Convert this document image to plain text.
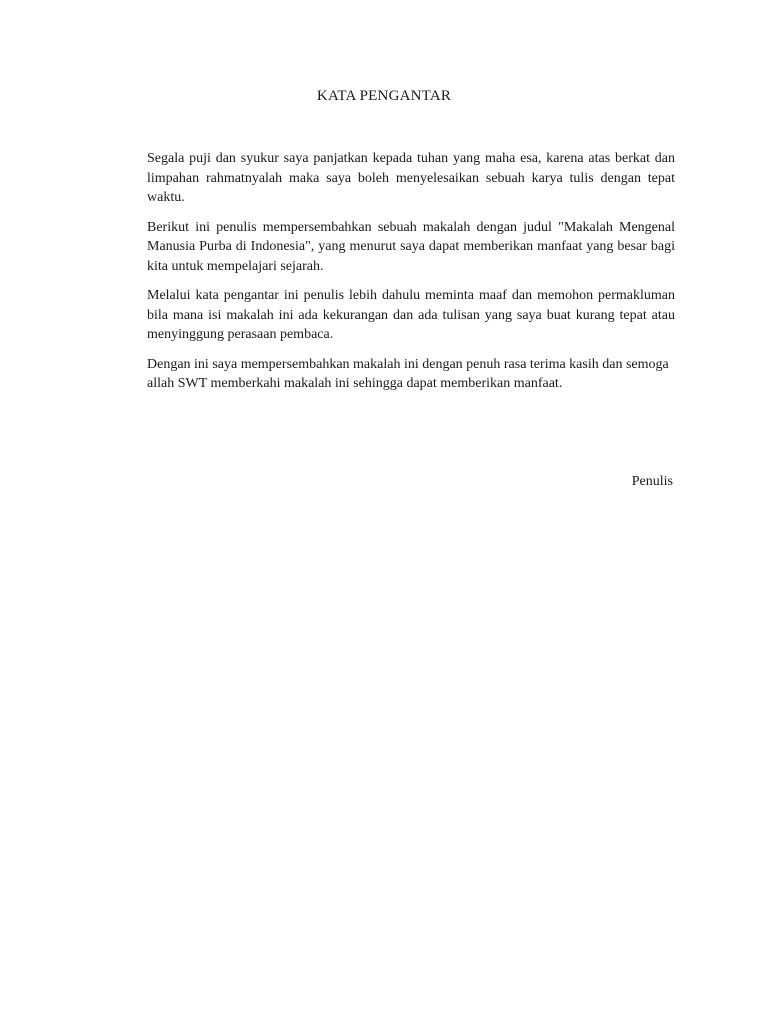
KATA PENGANTAR

Segala puji dan syukur saya panjatkan kepada tuhan yang maha esa, karena atas berkat dan limpahan rahmatnyalah maka saya boleh menyelesaikan sebuah karya tulis dengan tepat waktu.

Berikut ini penulis mempersembahkan sebuah makalah dengan judul "Makalah Mengenal Manusia Purba di Indonesia", yang menurut saya dapat memberikan manfaat yang besar bagi kita untuk mempelajari sejarah.

Melalui kata pengantar ini penulis lebih dahulu meminta maaf dan memohon permakluman bila mana isi makalah ini ada kekurangan dan ada tulisan yang saya buat kurang tepat atau menyinggung perasaan pembaca.

Dengan ini saya mempersembahkan makalah ini dengan penuh rasa terima kasih dan semoga allah SWT memberkahi makalah ini sehingga dapat memberikan manfaat.

Penulis
